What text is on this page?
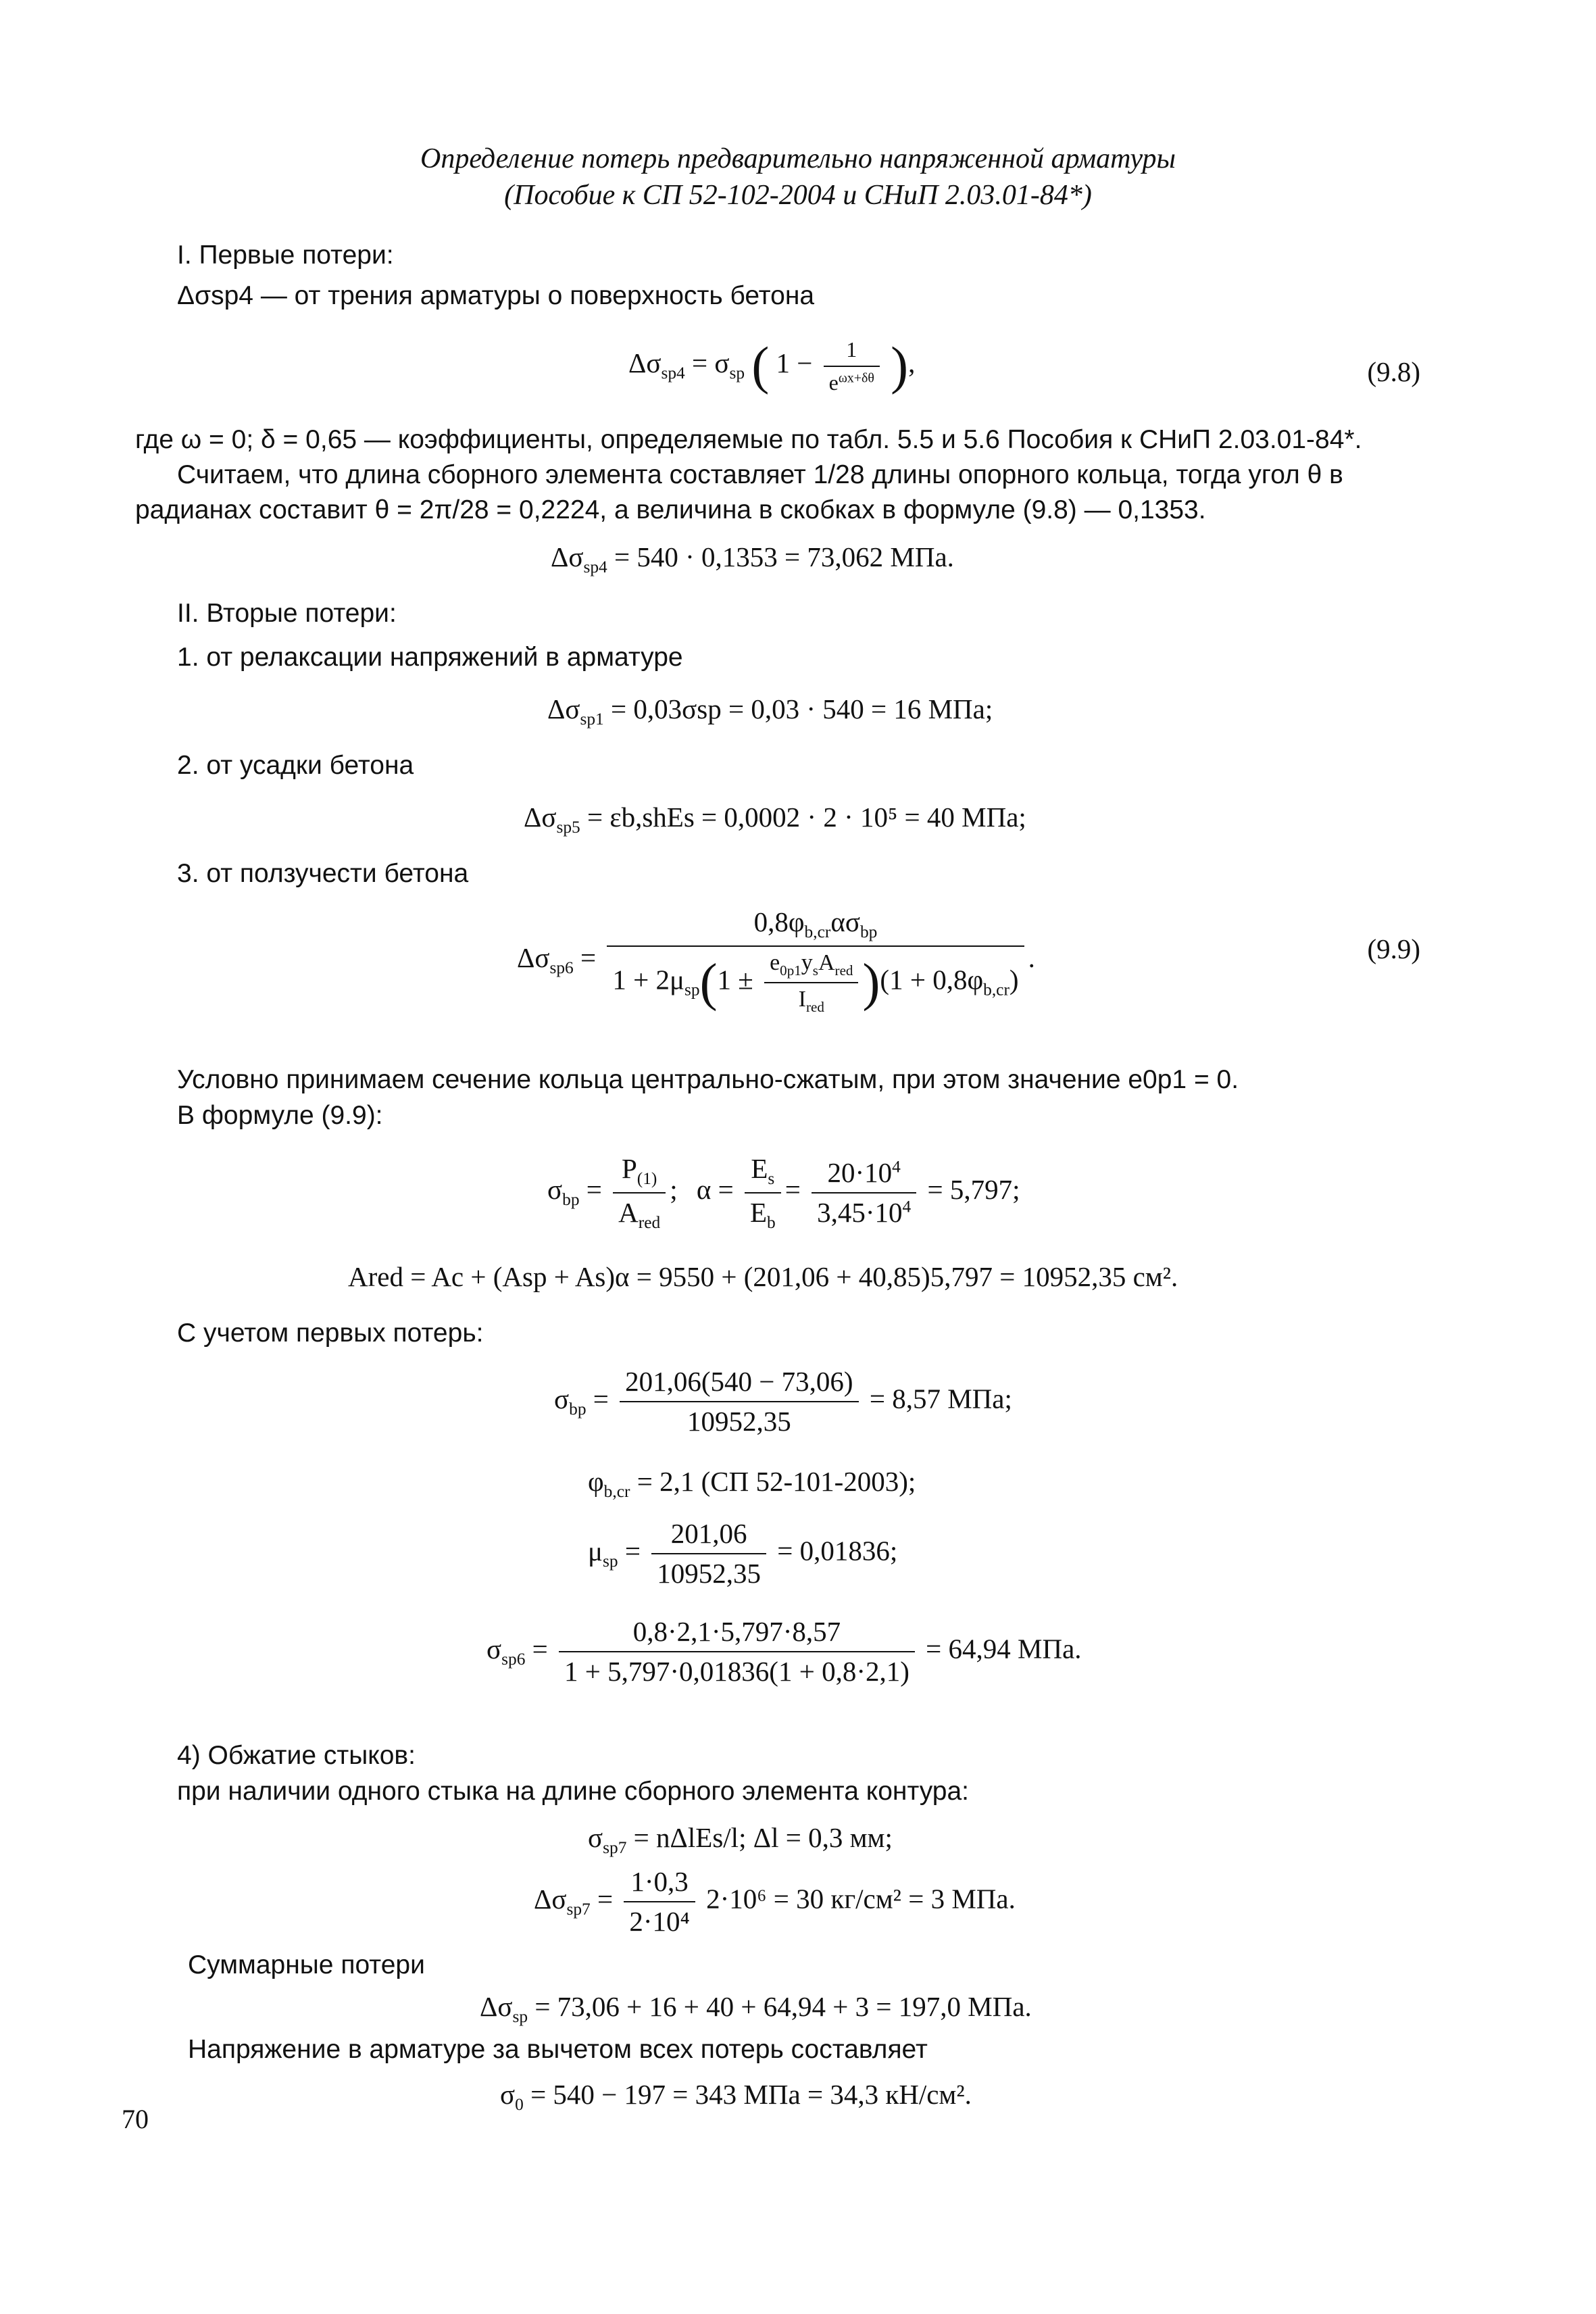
Определение потерь предварительно напряженной арматуры
(Пособие к СП 52-102-2004 и СНиП 2.03.01-84*)
I. Первые потери:
Δσsp4 — от трения арматуры о поверхность бетона
$\Delta\sigma_{sp4} = \sigma_{sp}$ ( $1 - \frac{1}{e^{\omega x+\delta\theta}}$ ),	(9.8)
где ω = 0; δ = 0,65 — коэффициенты, определяемые по табл. 5.5 и 5.6 Пособия к СНиП 2.03.01-84*.
Считаем, что длина сборного элемента составляет 1/28 длины опорного кольца, тогда угол θ в
радианах составит θ = 2π/28 = 0,2224, а величина в скобках в формуле (9.8) — 0,1353.
$\Delta\sigma_{sp4} = 540 \cdot 0,1353 = 73,062$ МПа.
II. Вторые потери:
1. от релаксации напряжений в арматуре
$\Delta\sigma_{sp1} = 0,03\sigma sp = 0,03 \cdot 540 = 16$ МПа;
2. от усадки бетона
$\Delta\sigma_{sp5}$ = εb,shEs = 0,0002 · 2 · 10⁵ = 40 МПа;
3. от ползучести бетона
$\Delta\sigma_{sp6} = \frac{0,8\varphi_{b,cr}\alpha\sigma_{bp}}{1 + 2\mu_{sp}(1 \pm \frac{e_{0p1}y_sA_{red}}{I_{red}} )(1 + 0,8\varphi_{b,cr})}$ .	(9.9)
Условно принимаем сечение кольца центрально-сжатым, при этом значение e0p1 = 0.
В формуле (9.9):
$\sigma_{bp} = \frac{P_{(1)}}{A_{red}}$ ; $\alpha = \frac{E_s}{E_b} = \frac{20\cdot 10^4}{3,45\cdot 10^4} = 5,797$;
Ared = Ac + (Asp + As)α = 9550 + (201,06 + 40,85)5,797 = 10952,35 см².
С учетом первых потерь:
$\sigma_{bp} = \frac{201,06(540 - 73,06)}{10952,35} = 8,57$ МПа;
$\varphi_{b,cr} = 2,1$ (СП 52-101-2003);
$\mu_{sp} = \frac{201,06}{10952,35} = 0,01836$;
$\sigma_{sp6} = \frac{0,8\cdot 2,1\cdot 5,797\cdot 8,57}{1 + 5,797\cdot 0,01836(1 + 0,8\cdot 2,1)} = 64,94$ МПа.
4) Обжатие стыков:
при наличии одного стыка на длине сборного элемента контура:
$\sigma_{sp7} = n\Delta lEs/l$; Δl = 0,3 мм;
$\Delta\sigma_{sp7} = \frac{1\cdot 0,3}{\text{2·10⁴}} 2\cdot 10^6 = 30$ кг/см² = 3 МПа.
Суммарные потери
$\Delta\sigma_{sp} = 73,06 + 16 + 40 + 64,94 + 3 = 197,0$ МПа.
Напряжение в арматуре за вычетом всех потерь составляет
$\sigma_0 = 540 - 197 = 343$ МПа = 34,3 кН/см².
70
